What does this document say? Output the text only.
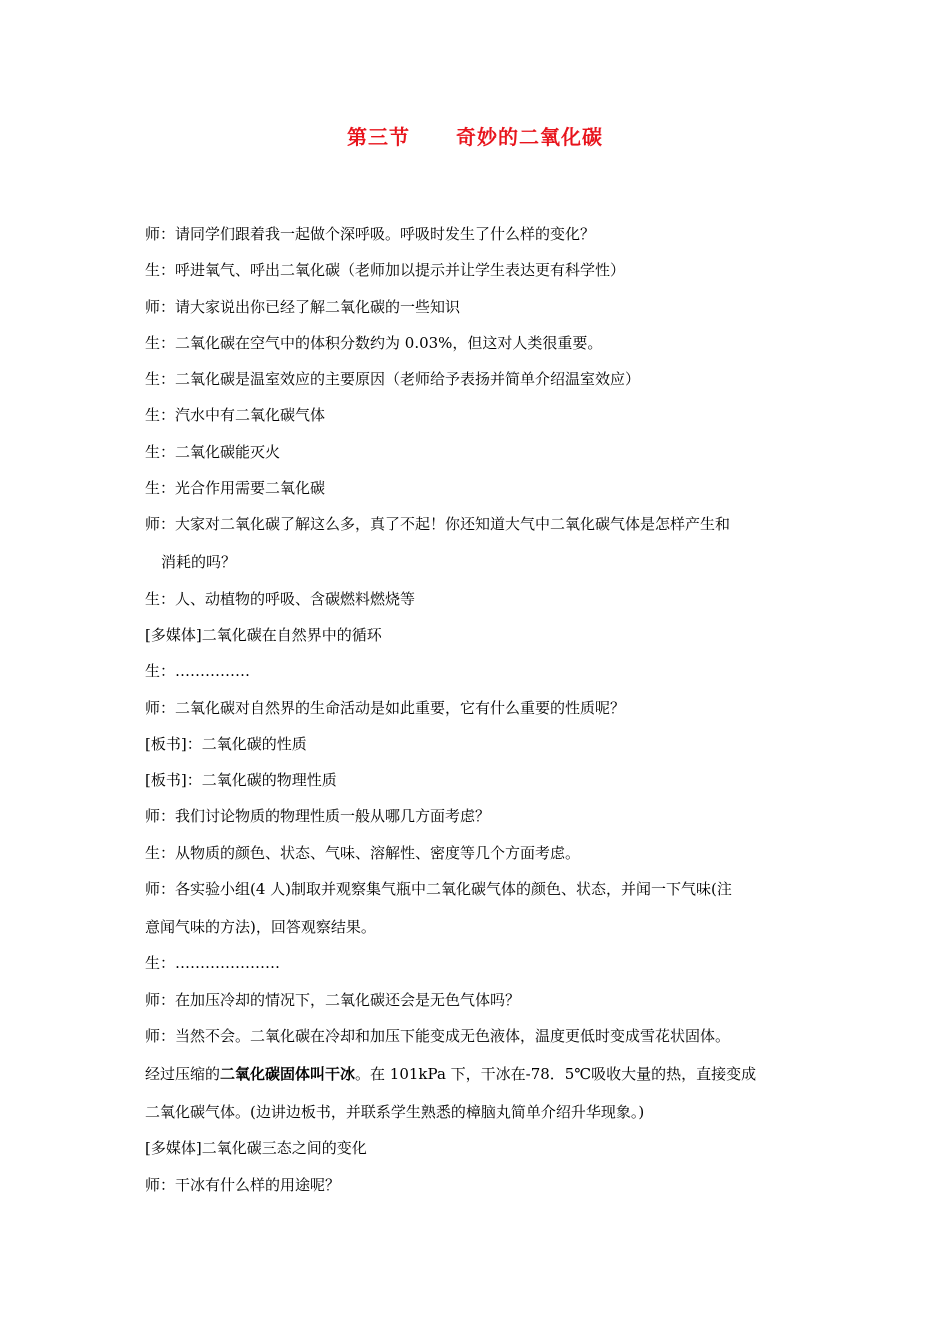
第三节 奇妙的二氧化碳
师：请同学们跟着我一起做个深呼吸。呼吸时发生了什么样的变化？
生：呼进氧气、呼出二氧化碳（老师加以提示并让学生表达更有科学性）
师：请大家说出你已经了解二氧化碳的一些知识
生：二氧化碳在空气中的体积分数约为 0.03%，但这对人类很重要。
生：二氧化碳是温室效应的主要原因（老师给予表扬并简单介绍温室效应）
生：汽水中有二氧化碳气体
生：二氧化碳能灭火
生：光合作用需要二氧化碳
师：大家对二氧化碳了解这么多，真了不起！你还知道大气中二氧化碳气体是怎样产生和
消耗的吗？
生：人、动植物的呼吸、含碳燃料燃烧等
[多媒体]二氧化碳在自然界中的循环
生：……………
师：二氧化碳对自然界的生命活动是如此重要，它有什么重要的性质呢？
[板书]：二氧化碳的性质
[板书]：二氧化碳的物理性质
师：我们讨论物质的物理性质一般从哪几方面考虑？
生：从物质的颜色、状态、气味、溶解性、密度等几个方面考虑。
师：各实验小组(4 人)制取并观察集气瓶中二氧化碳气体的颜色、状态，并闻一下气味(注
意闻气味的方法)，回答观察结果。
生：…………………
师：在加压冷却的情况下，二氧化碳还会是无色气体吗？
师：当然不会。二氧化碳在冷却和加压下能变成无色液体，温度更低时变成雪花状固体。
经过压缩的二氧化碳固体叫干冰。在 101kPa 下，干冰在-78．5℃吸收大量的热，直接变成
二氧化碳气体。(边讲边板书，并联系学生熟悉的樟脑丸简单介绍升华现象。)
[多媒体]二氧化碳三态之间的变化
师：干冰有什么样的用途呢？
